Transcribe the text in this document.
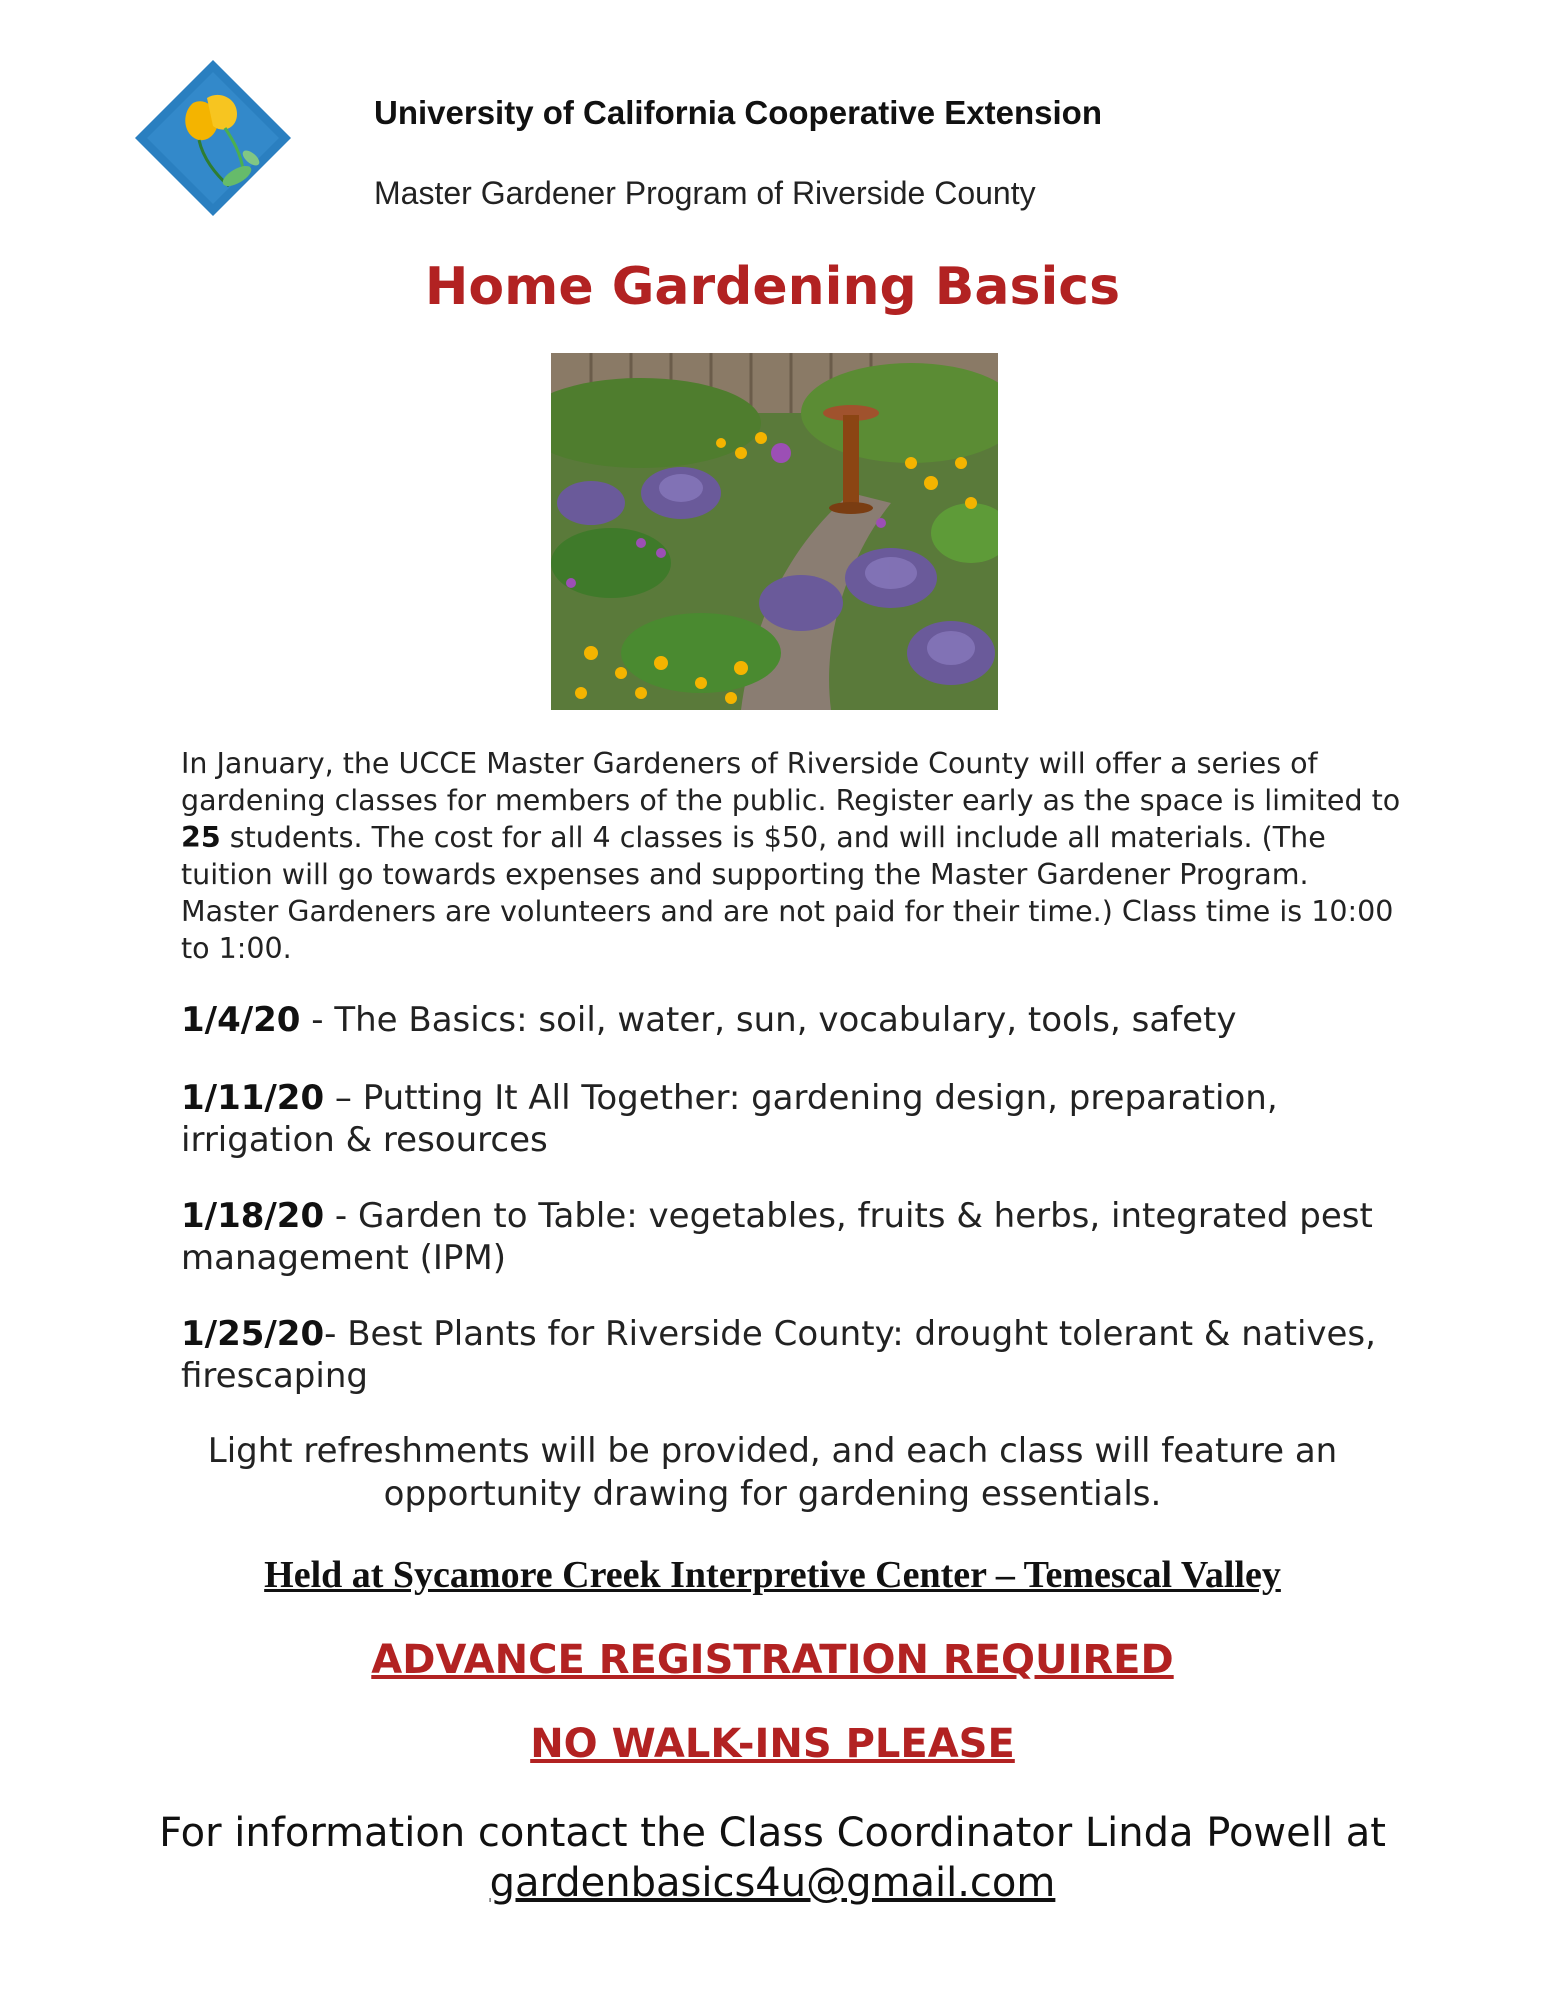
University of California Cooperative Extension
Master Gardener Program of Riverside County
Home Gardening Basics
In January, the UCCE Master Gardeners of Riverside County will offer a series of gardening classes for members of the public. Register early as the space is limited to 25 students. The cost for all 4 classes is $50, and will include all materials. (The tuition will go towards expenses and supporting the Master Gardener Program. Master Gardeners are volunteers and are not paid for their time.) Class time is 10:00 to 1:00.
1/4/20 - The Basics: soil, water, sun, vocabulary, tools, safety
1/11/20 – Putting It All Together: gardening design, preparation, irrigation & resources
1/18/20 - Garden to Table: vegetables, fruits & herbs, integrated pest management (IPM)
1/25/20- Best Plants for Riverside County: drought tolerant & natives, firescaping
Light refreshments will be provided, and each class will feature an opportunity drawing for gardening essentials.
Held at Sycamore Creek Interpretive Center – Temescal Valley
ADVANCE REGISTRATION REQUIRED
NO WALK-INS PLEASE
For information contact the Class Coordinator Linda Powell at gardenbasics4u@gmail.com
